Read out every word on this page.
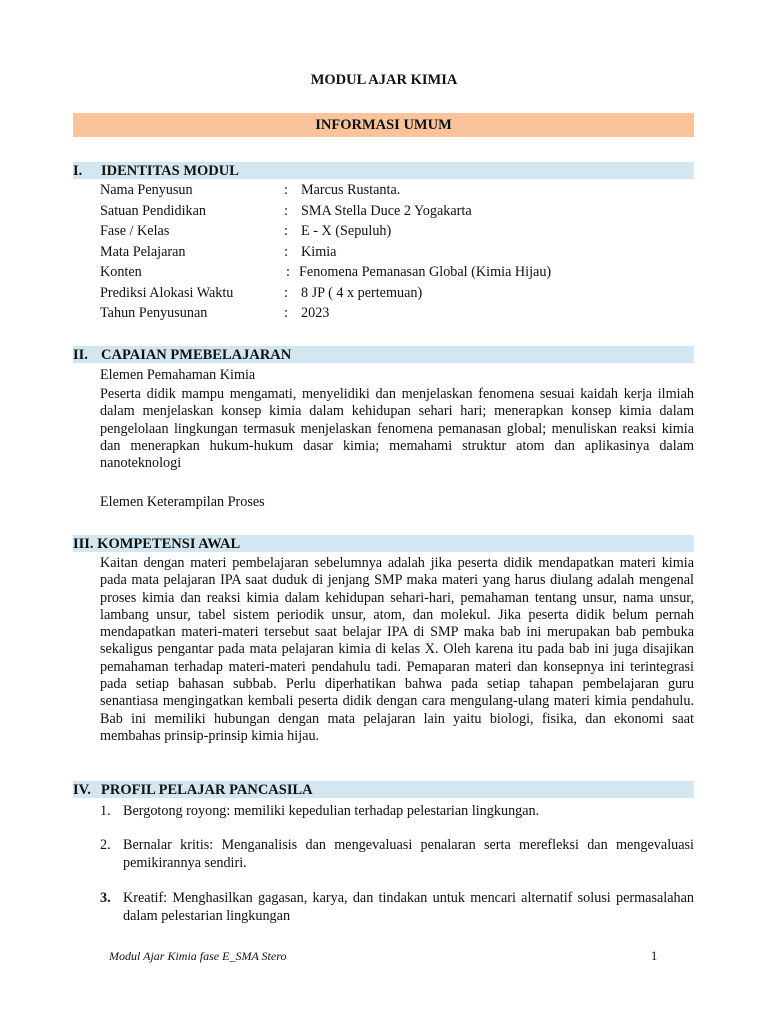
MODUL AJAR KIMIA
INFORMASI UMUM
I. IDENTITAS MODUL
Nama Penyusun	: Marcus Rustanta.
Satuan Pendidikan	: SMA Stella Duce 2 Yogakarta
Fase / Kelas	: E - X (Sepuluh)
Mata Pelajaran	: Kimia
Konten	: Fenomena Pemanasan Global (Kimia Hijau)
Prediksi Alokasi Waktu	: 8 JP ( 4 x pertemuan)
Tahun Penyusunan	: 2023
II. CAPAIAN PMEBELAJARAN
Elemen Pemahaman Kimia
Peserta didik mampu mengamati, menyelidiki dan menjelaskan fenomena sesuai kaidah kerja ilmiah dalam menjelaskan konsep kimia dalam kehidupan sehari hari; menerapkan konsep kimia dalam pengelolaan lingkungan termasuk menjelaskan fenomena pemanasan global; menuliskan reaksi kimia dan menerapkan hukum-hukum dasar kimia; memahami struktur atom dan aplikasinya dalam nanoteknologi
Elemen Keterampilan Proses
III. KOMPETENSI AWAL
Kaitan dengan materi pembelajaran sebelumnya adalah jika peserta didik mendapatkan materi kimia pada mata pelajaran IPA saat duduk di jenjang SMP maka materi yang harus diulang adalah mengenal proses kimia dan reaksi kimia dalam kehidupan sehari-hari, pemahaman tentang unsur, nama unsur, lambang unsur, tabel sistem periodik unsur, atom, dan molekul. Jika peserta didik belum pernah mendapatkan materi-materi tersebut saat belajar IPA di SMP maka bab ini merupakan bab pembuka sekaligus pengantar pada mata pelajaran kimia di kelas X. Oleh karena itu pada bab ini juga disajikan pemahaman terhadap materi-materi pendahulu tadi. Pemaparan materi dan konsepnya ini terintegrasi pada setiap bahasan subbab. Perlu diperhatikan bahwa pada setiap tahapan pembelajaran guru senantiasa mengingatkan kembali peserta didik dengan cara mengulang-ulang materi kimia pendahulu. Bab ini memiliki hubungan dengan mata pelajaran lain yaitu biologi, fisika, dan ekonomi saat membahas prinsip-prinsip kimia hijau.
IV. PROFIL PELAJAR PANCASILA
1. Bergotong royong: memiliki kepedulian terhadap pelestarian lingkungan.
2. Bernalar kritis: Menganalisis dan mengevaluasi penalaran serta merefleksi dan mengevaluasi pemikirannya sendiri.
3. Kreatif: Menghasilkan gagasan, karya, dan tindakan untuk mencari alternatif solusi permasalahan dalam pelestarian lingkungan
Modul Ajar Kimia fase E_SMA Stero	1
